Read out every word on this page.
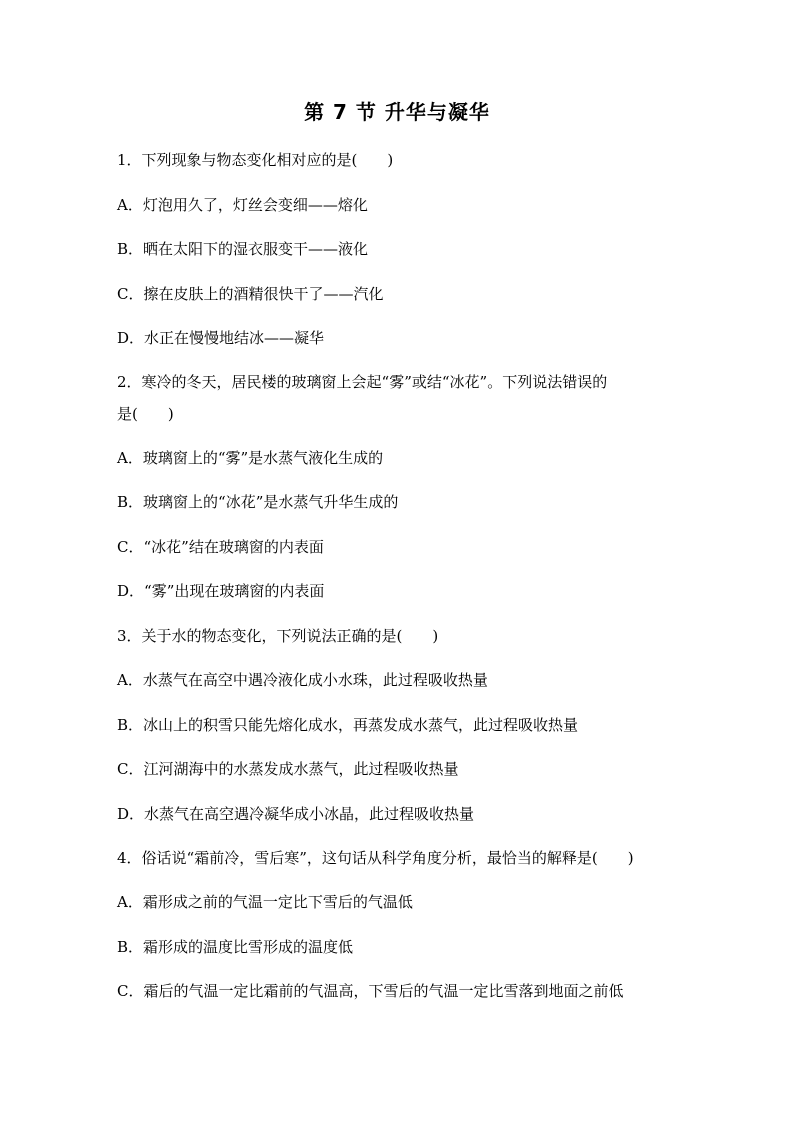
第 7 节 升华与凝华
1．下列现象与物态变化相对应的是(　　)
A．灯泡用久了，灯丝会变细——熔化
B．晒在太阳下的湿衣服变干——液化
C．擦在皮肤上的酒精很快干了——汽化
D．水正在慢慢地结冰——凝华
2．寒冷的冬天，居民楼的玻璃窗上会起“雾”或结“冰花”。下列说法错误的
是(　　)
A．玻璃窗上的“雾”是水蒸气液化生成的
B．玻璃窗上的“冰花”是水蒸气升华生成的
C．“冰花”结在玻璃窗的内表面
D．“雾”出现在玻璃窗的内表面
3．关于水的物态变化，下列说法正确的是(　　)
A．水蒸气在高空中遇冷液化成小水珠，此过程吸收热量
B．冰山上的积雪只能先熔化成水，再蒸发成水蒸气，此过程吸收热量
C．江河湖海中的水蒸发成水蒸气，此过程吸收热量
D．水蒸气在高空遇冷凝华成小冰晶，此过程吸收热量
4．俗话说“霜前冷，雪后寒”，这句话从科学角度分析，最恰当的解释是(　　)
A．霜形成之前的气温一定比下雪后的气温低
B．霜形成的温度比雪形成的温度低
C．霜后的气温一定比霜前的气温高，下雪后的气温一定比雪落到地面之前低
